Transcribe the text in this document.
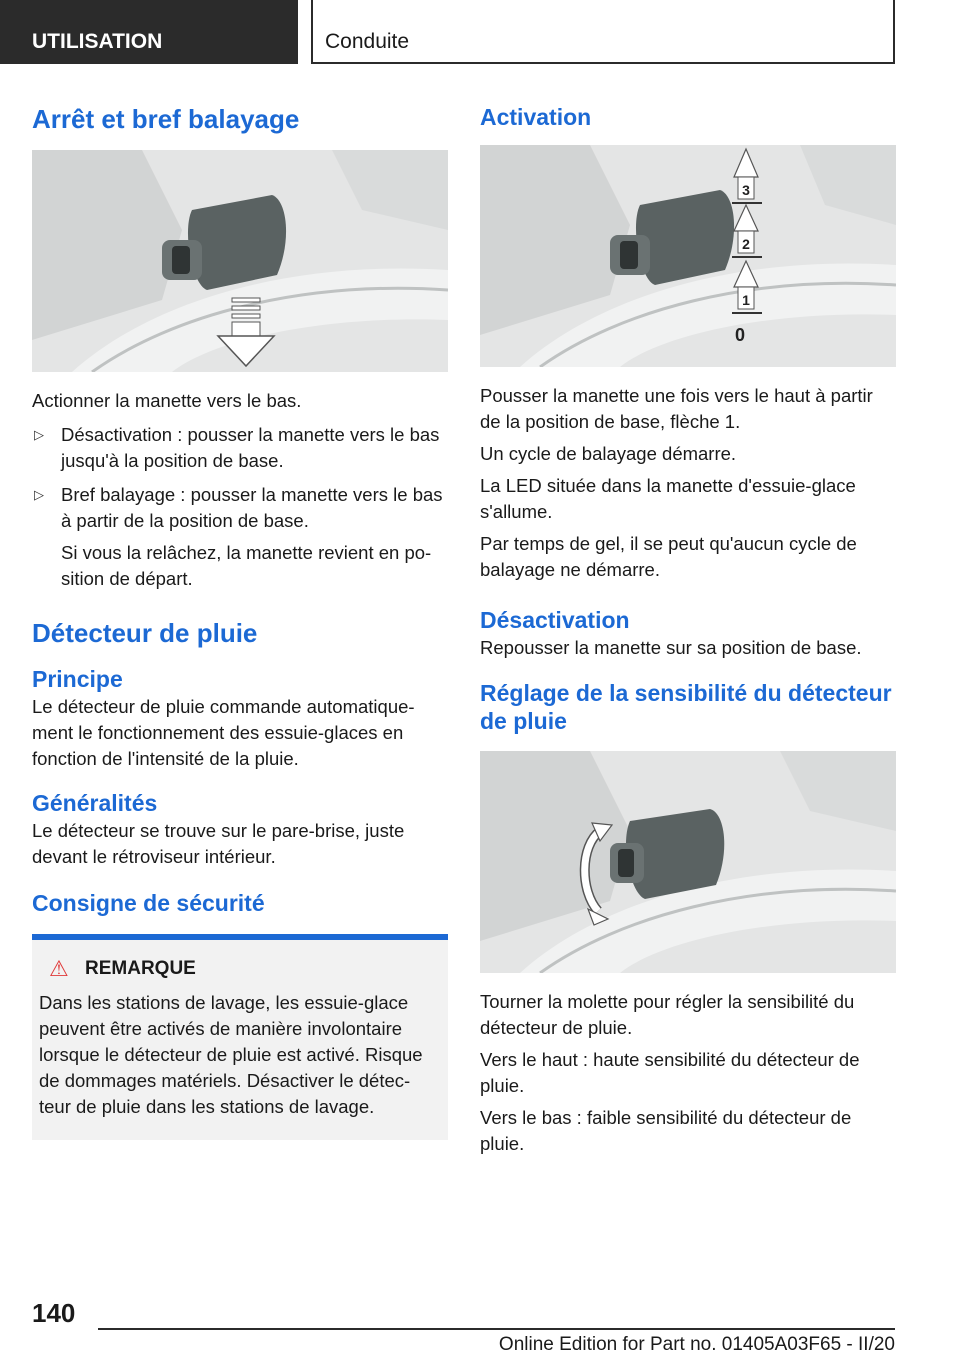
UTILISATION	Conduite
Arrêt et bref balayage

Actionner la manette vers le bas.

▷ Désactivation : pousser la manette vers le bas jusqu'à la position de base.
▷ Bref balayage : pousser la manette vers le bas à partir de la position de base.

Si vous la relâchez, la manette revient en po-sition de départ.

Détecteur de pluie
Principe

Le détecteur de pluie commande automatique-ment le fonctionnement des essuie-glaces en fonction de l'intensité de la pluie.

Généralités

Le détecteur se trouve sur le pare-brise, juste devant le rétroviseur intérieur.

Consigne de sécurité
⚠ REMARQUE

Dans les stations de lavage, les essuie-glace peuvent être activés de manière involontaire lorsque le détecteur de pluie est activé. Risque de dommages matériels. Désactiver le détec-teur de pluie dans les stations de lavage.

Activation
3
2
1
0

Pousser la manette une fois vers le haut à partir de la position de base, flèche 1.

Un cycle de balayage démarre.

La LED située dans la manette d'essuie-glace s'allume.

Par temps de gel, il se peut qu'aucun cycle de balayage ne démarre.

Désactivation

Repousser la manette sur sa position de base.

Réglage de la sensibilité du détecteur de pluie

Tourner la molette pour régler la sensibilité du détecteur de pluie.

Vers le haut : haute sensibilité du détecteur de pluie.

Vers le bas : faible sensibilité du détecteur de pluie.

140
Online Edition for Part no. 01405A03F65 - II/20
